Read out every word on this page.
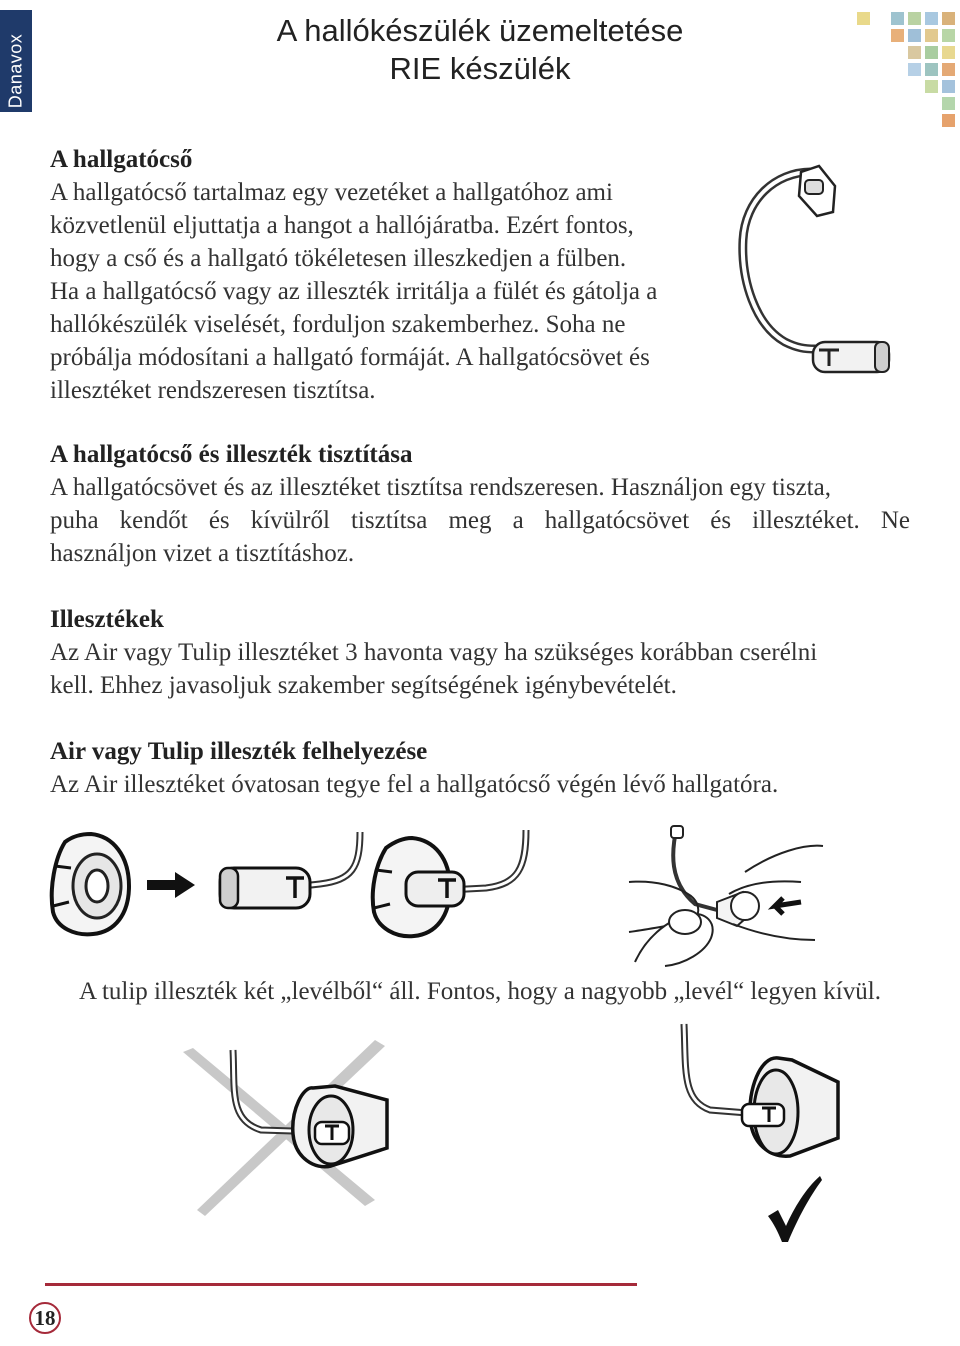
Danavox
A hallókészülék üzemeltetése
RIE készülék
A hallgatócső
A hallgatócső tartalmaz egy vezetéket a hallgatóhoz ami
közvetlenül eljuttatja a hangot a hallójáratba. Ezért fontos,
hogy a cső és a hallgató tökéletesen illeszkedjen a fülben.
Ha a hallgatócső vagy az illeszték irritálja a fülét és gátolja a
hallókészülék viselését, forduljon szakemberhez. Soha ne
próbálja módosítani a hallgató formáját. A hallgatócsövet és
illesztéket rendszeresen tisztítsa.
A hallgatócső és illeszték tisztítása
A hallgatócsövet és az illesztéket tisztítsa rendszeresen. Használjon egy tiszta,
puha kendőt és kívülről tisztítsa meg a hallgatócsövet és illesztéket. Ne
használjon vizet a tisztításhoz.
Illesztékek
Az Air vagy Tulip illesztéket 3 havonta vagy ha szükséges korábban cserélni
kell. Ehhez javasoljuk szakember segítségének igénybevételét.
Air vagy Tulip illeszték felhelyezése
Az Air illesztéket óvatosan tegye fel a hallgatócső végén lévő hallgatóra.
A tulip illeszték két „levélből“ áll. Fontos, hogy a nagyobb „levél“ legyen kívül.
18
